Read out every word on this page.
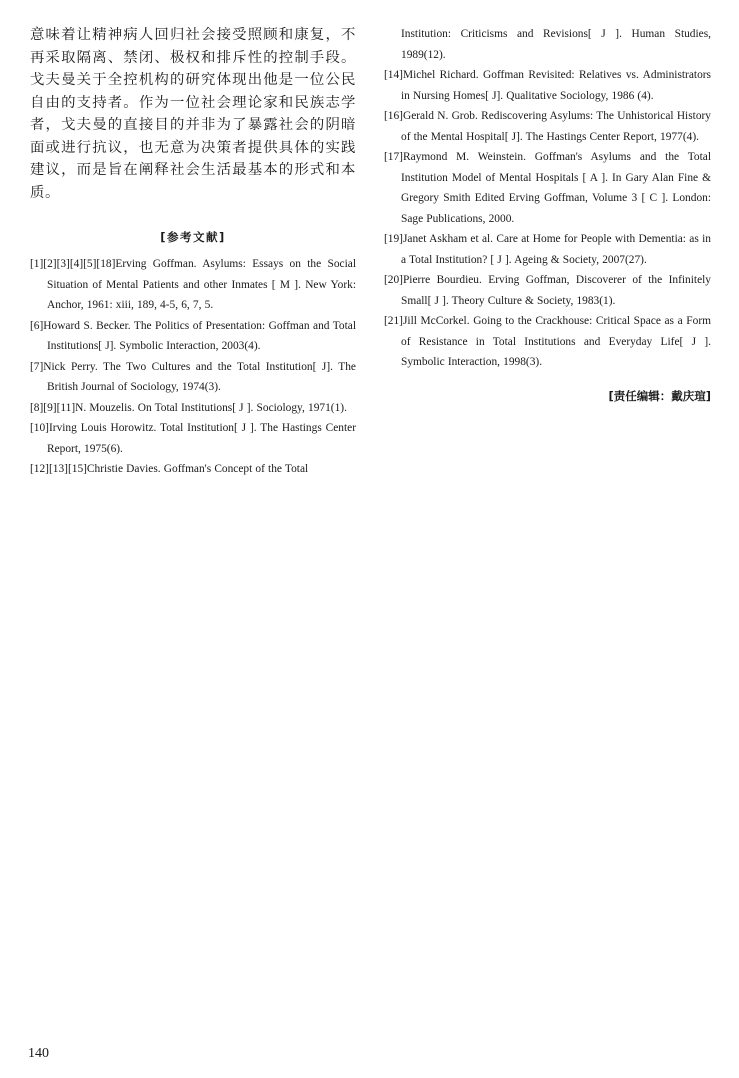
意味着让精神病人回归社会接受照顾和康复，不再采取隔离、禁闭、极权和排斥性的控制手段。戈夫曼关于全控机构的研究体现出他是一位公民自由的支持者。作为一位社会理论家和民族志学者，戈夫曼的直接目的并非为了暴露社会的阴暗面或进行抗议，也无意为决策者提供具体的实践建议，而是旨在阐释社会生活最基本的形式和本质。

[参考文献]
[1][2][3][4][5][18]Erving Goffman. Asylums: Essays on the Social Situation of Mental Patients and other Inmates [ M ]. New York: Anchor, 1961: xiii, 189, 4-5, 6, 7, 5.
[6]Howard S. Becker. The Politics of Presentation: Goffman and Total Institutions[ J]. Symbolic Interaction, 2003(4).
[7]Nick Perry. The Two Cultures and the Total Institution[ J]. The British Journal of Sociology, 1974(3).
[8][9][11]N. Mouzelis. On Total Institutions[ J ]. Sociology, 1971(1).
[10]Irving Louis Horowitz. Total Institution[ J ]. The Hastings Center Report, 1975(6).
[12][13][15]Christie Davies. Goffman's Concept of the Total
Institution: Criticisms and Revisions[ J ]. Human Studies, 1989(12).
[14]Michel Richard. Goffman Revisited: Relatives vs. Administrators in Nursing Homes[ J]. Qualitative Sociology, 1986 (4).
[16]Gerald N. Grob. Rediscovering Asylums: The Unhistorical History of the Mental Hospital[ J]. The Hastings Center Report, 1977(4).
[17]Raymond M. Weinstein. Goffman's Asylums and the Total Institution Model of Mental Hospitals [ A ]. In Gary Alan Fine & Gregory Smith Edited Erving Goffman, Volume 3 [ C ]. London: Sage Publications, 2000.
[19]Janet Askham et al. Care at Home for People with Dementia: as in a Total Institution? [ J ]. Ageing & Society, 2007(27).
[20]Pierre Bourdieu. Erving Goffman, Discoverer of the Infinitely Small[ J ]. Theory Culture & Society, 1983(1).
[21]Jill McCorkel. Going to the Crackhouse: Critical Space as a Form of Resistance in Total Institutions and Everyday Life[ J ]. Symbolic Interaction, 1998(3).
[责任编辑：戴庆瑄]
140
